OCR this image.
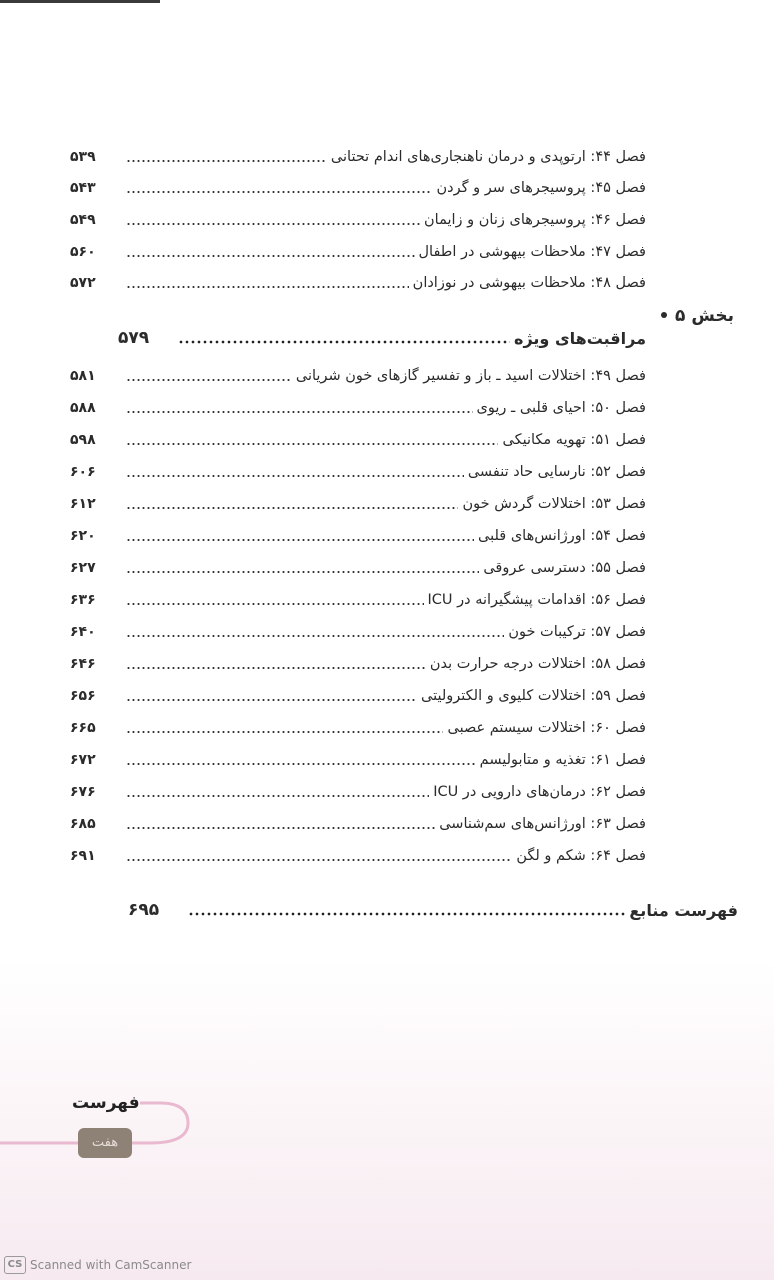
فصل ۴۴: ارتوپدی و درمان ناهنجاری‌های اندام تحتانی
۵۳۹
فصل ۴۵: پروسیجرهای سر و گردن
۵۴۳
فصل ۴۶: پروسیجرهای زنان و زایمان
۵۴۹
فصل ۴۷: ملاحظات بیهوشی در اطفال
۵۶۰
فصل ۴۸: ملاحظات بیهوشی در نوزادان
۵۷۲
بخش ۵
مراقبت‌های ویژه
۵۷۹
فصل ۴۹: اختلالات اسید ـ باز و تفسیر گازهای خون شریانی
۵۸۱
فصل ۵۰: احیای قلبی ـ ریوی
۵۸۸
فصل ۵۱: تهویه مکانیکی
۵۹۸
فصل ۵۲: نارسایی حاد تنفسی
۶۰۶
فصل ۵۳: اختلالات گردش خون
۶۱۲
فصل ۵۴: اورژانس‌های قلبی
۶۲۰
فصل ۵۵: دسترسی عروقی
۶۲۷
فصل ۵۶: اقدامات پیشگیرانه در ICU
۶۳۶
فصل ۵۷: ترکیبات خون
۶۴۰
فصل ۵۸: اختلالات درجه حرارت بدن
۶۴۶
فصل ۵۹: اختلالات کلیوی و الکترولیتی
۶۵۶
فصل ۶۰: اختلالات سیستم عصبی
۶۶۵
فصل ۶۱: تغذیه و متابولیسم
۶۷۲
فصل ۶۲: درمان‌های دارویی در ICU
۶۷۶
فصل ۶۳: اورژانس‌های سم‌شناسی
۶۸۵
فصل ۶۴: شکم و لگن
۶۹۱
فهرست منابع
۶۹۵
فهرست
هفت
CS Scanned with CamScanner
